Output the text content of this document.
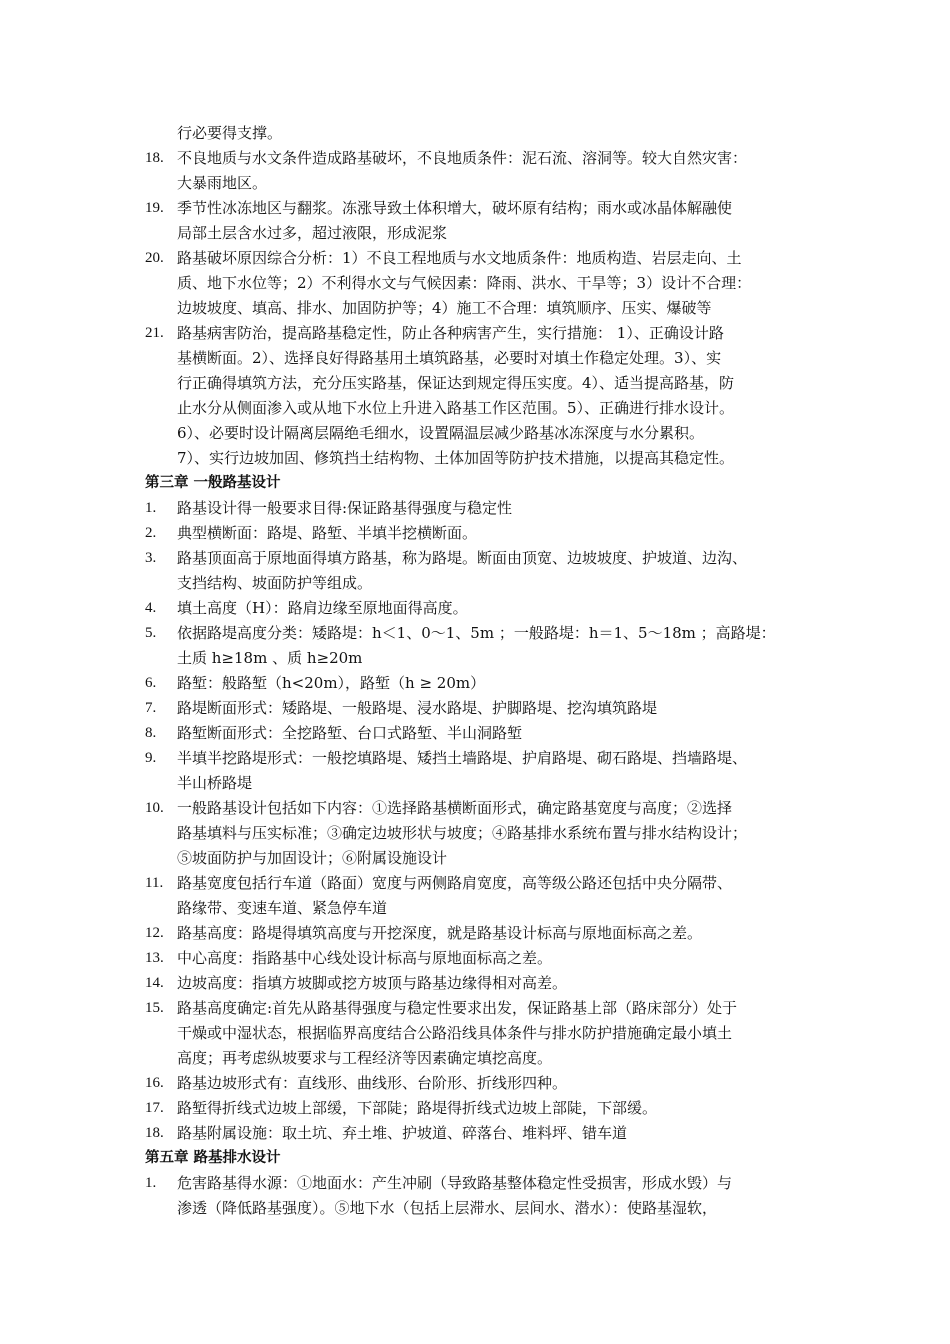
行必要得支撑。
18. 不良地质与水文条件造成路基破坏，不良地质条件：泥石流、溶洞等。较大自然灾害：
大暴雨地区。
19. 季节性冰冻地区与翻浆。冻涨导致土体积增大，破坏原有结构；雨水或冰晶体解融使
局部土层含水过多，超过液限，形成泥浆
20. 路基破坏原因综合分析：1）不良工程地质与水文地质条件：地质构造、岩层走向、土
质、地下水位等；2）不利得水文与气候因素：降雨、洪水、干旱等；3）设计不合理：
边坡坡度、填高、排水、加固防护等；4）施工不合理：填筑顺序、压实、爆破等
21. 路基病害防治，提高路基稳定性，防止各种病害产生，实行措施： 1）、正确设计路
基横断面。2）、选择良好得路基用土填筑路基，必要时对填土作稳定处理。3）、实
行正确得填筑方法，充分压实路基，保证达到规定得压实度。4）、适当提高路基，防
止水分从侧面渗入或从地下水位上升进入路基工作区范围。5）、正确进行排水设计。
6）、必要时设计隔离层隔绝毛细水，设置隔温层减少路基冰冻深度与水分累积。
7）、实行边坡加固、修筑挡土结构物、土体加固等防护技术措施，以提高其稳定性。
第三章 一般路基设计
1.	路基设计得一般要求目得:保证路基得强度与稳定性
2.	典型横断面：路堤、路堑、半填半挖横断面。
3.	路基顶面高于原地面得填方路基，称为路堤。断面由顶宽、边坡坡度、护坡道、边沟、
支挡结构、坡面防护等组成。
4.	填土高度（H）：路肩边缘至原地面得高度。
5.	依据路堤高度分类：矮路堤：h＜1、0～1、5m ；一般路堤：h＝1、5～18m ；高路堤：
土质 h≥18m 、质 h≥20m
6.	路堑：般路堑（h<20m），路堑（h ≥ 20m）
7.	路堤断面形式：矮路堤、一般路堤、浸水路堤、护脚路堤、挖沟填筑路堤
8.	路堑断面形式：全挖路堑、台口式路堑、半山洞路堑
9.	半填半挖路堤形式：一般挖填路堤、矮挡土墙路堤、护肩路堤、砌石路堤、挡墙路堤、
半山桥路堤
10. 一般路基设计包括如下内容：①选择路基横断面形式，确定路基宽度与高度；②选择
路基填料与压实标准；③确定边坡形状与坡度；④路基排水系统布置与排水结构设计；
⑤坡面防护与加固设计；⑥附属设施设计
11. 路基宽度包括行车道（路面）宽度与两侧路肩宽度，高等级公路还包括中央分隔带、
路缘带、变速车道、紧急停车道
12. 路基高度：路堤得填筑高度与开挖深度，就是路基设计标高与原地面标高之差。
13. 中心高度：指路基中心线处设计标高与原地面标高之差。
14. 边坡高度：指填方坡脚或挖方坡顶与路基边缘得相对高差。
15. 路基高度确定:首先从路基得强度与稳定性要求出发，保证路基上部（路床部分）处于
干燥或中湿状态，根据临界高度结合公路沿线具体条件与排水防护措施确定最小填土
高度；再考虑纵坡要求与工程经济等因素确定填挖高度。
16. 路基边坡形式有：直线形、曲线形、台阶形、折线形四种。
17. 路堑得折线式边坡上部缓，下部陡；路堤得折线式边坡上部陡，下部缓。
18. 路基附属设施：取土坑、弃土堆、护坡道、碎落台、堆料坪、错车道
第五章 路基排水设计
1.	危害路基得水源：①地面水：产生冲刷（导致路基整体稳定性受损害，形成水毁）与
渗透（降低路基强度）。⑤地下水（包括上层滞水、层间水、潜水）：使路基湿软，
